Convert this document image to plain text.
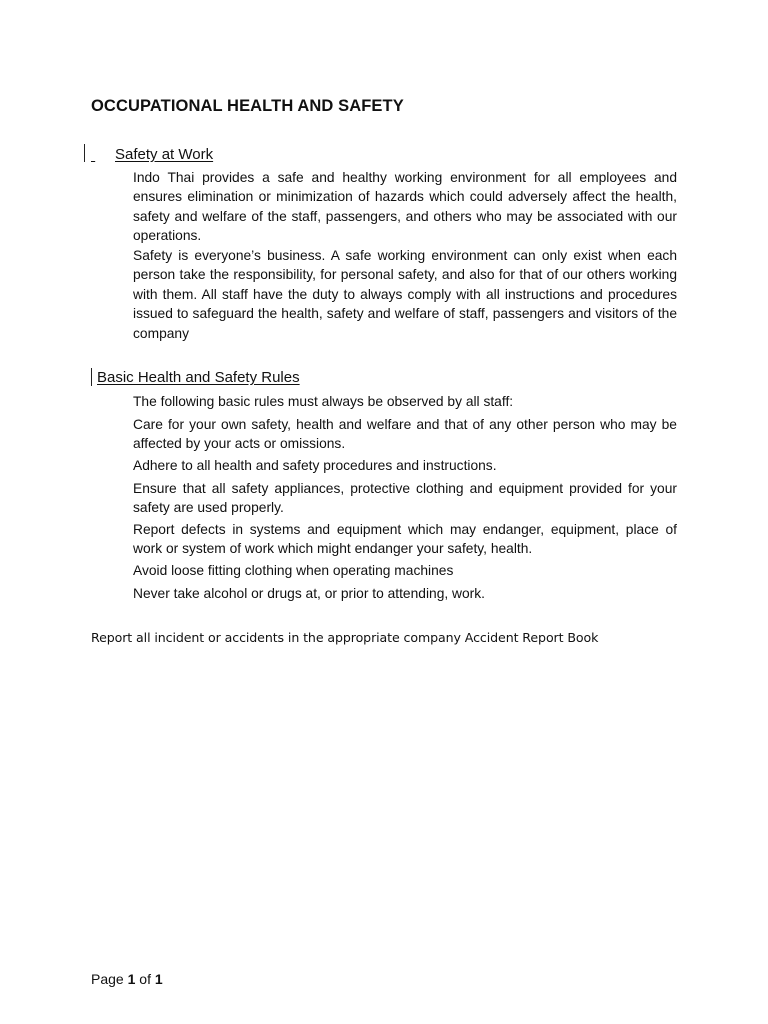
OCCUPATIONAL HEALTH AND SAFETY
Safety at Work

Indo Thai provides a safe and healthy working environment for all employees and ensures elimination or minimization of hazards which could adversely affect the health, safety and welfare of the staff, passengers, and others who may be associated with our operations.

Safety is everyone’s business. A safe working environment can only exist when each person take the responsibility, for personal safety, and also for that of our others working with them. All staff have the duty to always comply with all instructions and procedures issued to safeguard the health, safety and welfare of staff, passengers and visitors of the company

Basic Health and Safety Rules
The following basic rules must always be observed by all staff:

Care for your own safety, health and welfare and that of any other person who may be affected by your acts or omissions.

Adhere to all health and safety procedures and instructions.

Ensure that all safety appliances, protective clothing and equipment provided for your safety are used properly.

Report defects in systems and equipment which may endanger, equipment, place of work or system of work which might endanger your safety, health.

Avoid loose fitting clothing when operating machines

Never take alcohol or drugs at, or prior to attending, work.

Report all incident or accidents in the appropriate company Accident Report Book
Page 1 of 1
